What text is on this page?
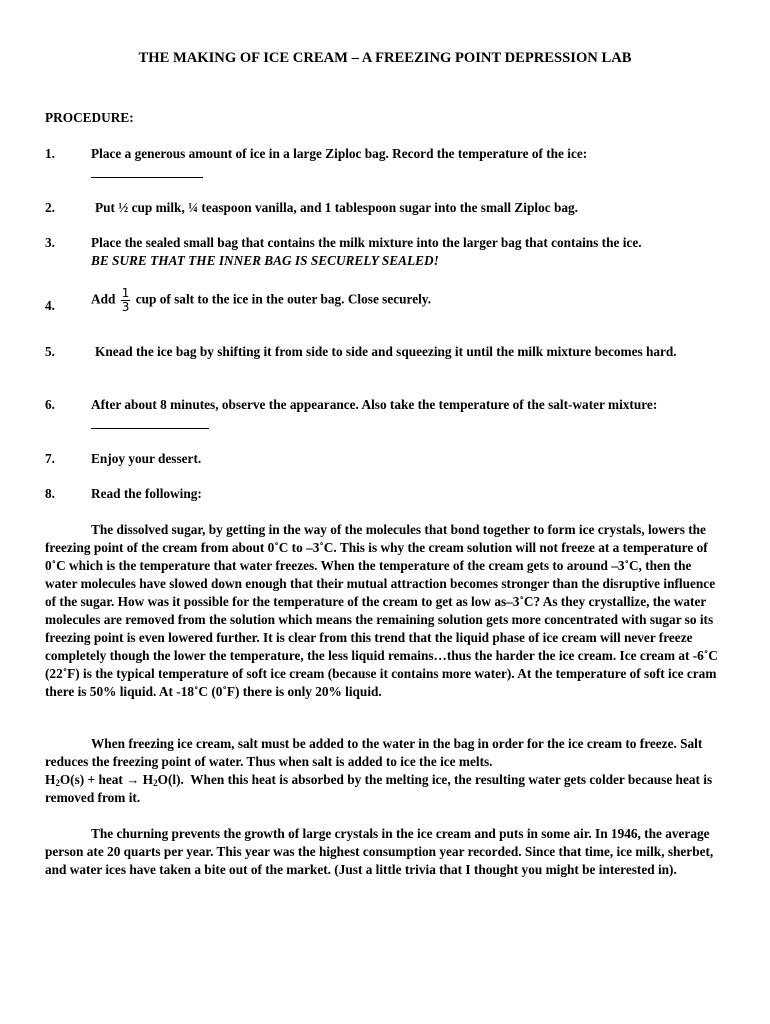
THE MAKING OF ICE CREAM – A FREEZING POINT DEPRESSION LAB
PROCEDURE:
1.	Place a generous amount of ice in a large Ziploc bag. Record the temperature of the ice:

2.	Put ½ cup milk, ¼ teaspoon vanilla, and 1 tablespoon sugar into the small Ziploc bag.
3.	Place the sealed small bag that contains the milk mixture into the larger bag that contains the ice.
BE SURE THAT THE INNER BAG IS SECURELY SEALED!
4.	Add $\frac{1}{3}$ cup of salt to the ice in the outer bag. Close securely.
5.	Knead the ice bag by shifting it from side to side and squeezing it until the milk mixture becomes hard.
6.	After about 8 minutes, observe the appearance. Also take the temperature of the salt-water mixture:
7.	Enjoy your dessert.
8.	Read the following:
The dissolved sugar, by getting in the way of the molecules that bond together to form ice crystals, lowers the freezing point of the cream from about 0˚C to –3˚C. This is why the cream solution will not freeze at a temperature of 0˚C which is the temperature that water freezes. When the temperature of the cream gets to around –3˚C, then the water molecules have slowed down enough that their mutual attraction becomes stronger than the disruptive influence of the sugar. How was it possible for the temperature of the cream to get as low as–3˚C? As they crystallize, the water molecules are removed from the solution which means the remaining solution gets more concentrated with sugar so its freezing point is even lowered further. It is clear from this trend that the liquid phase of ice cream will never freeze completely though the lower the temperature, the less liquid remains…thus the harder the ice cream. Ice cream at -6˚C (22˚F) is the typical temperature of soft ice cream (because it contains more water). At the temperature of soft ice cram there is 50% liquid. At -18˚C (0˚F) there is only 20% liquid.
When freezing ice cream, salt must be added to the water in the bag in order for the ice cream to freeze. Salt reduces the freezing point of water. Thus when salt is added to ice the ice melts.
$H_2O(s)$ + heat → $H_2O(l)$. When this heat is absorbed by the melting ice, the resulting water gets colder because heat is removed from it.
The churning prevents the growth of large crystals in the ice cream and puts in some air. In 1946, the average person ate 20 quarts per year. This year was the highest consumption year recorded. Since that time, ice milk, sherbet, and water ices have taken a bite out of the market. (Just a little trivia that I thought you might be interested in).
